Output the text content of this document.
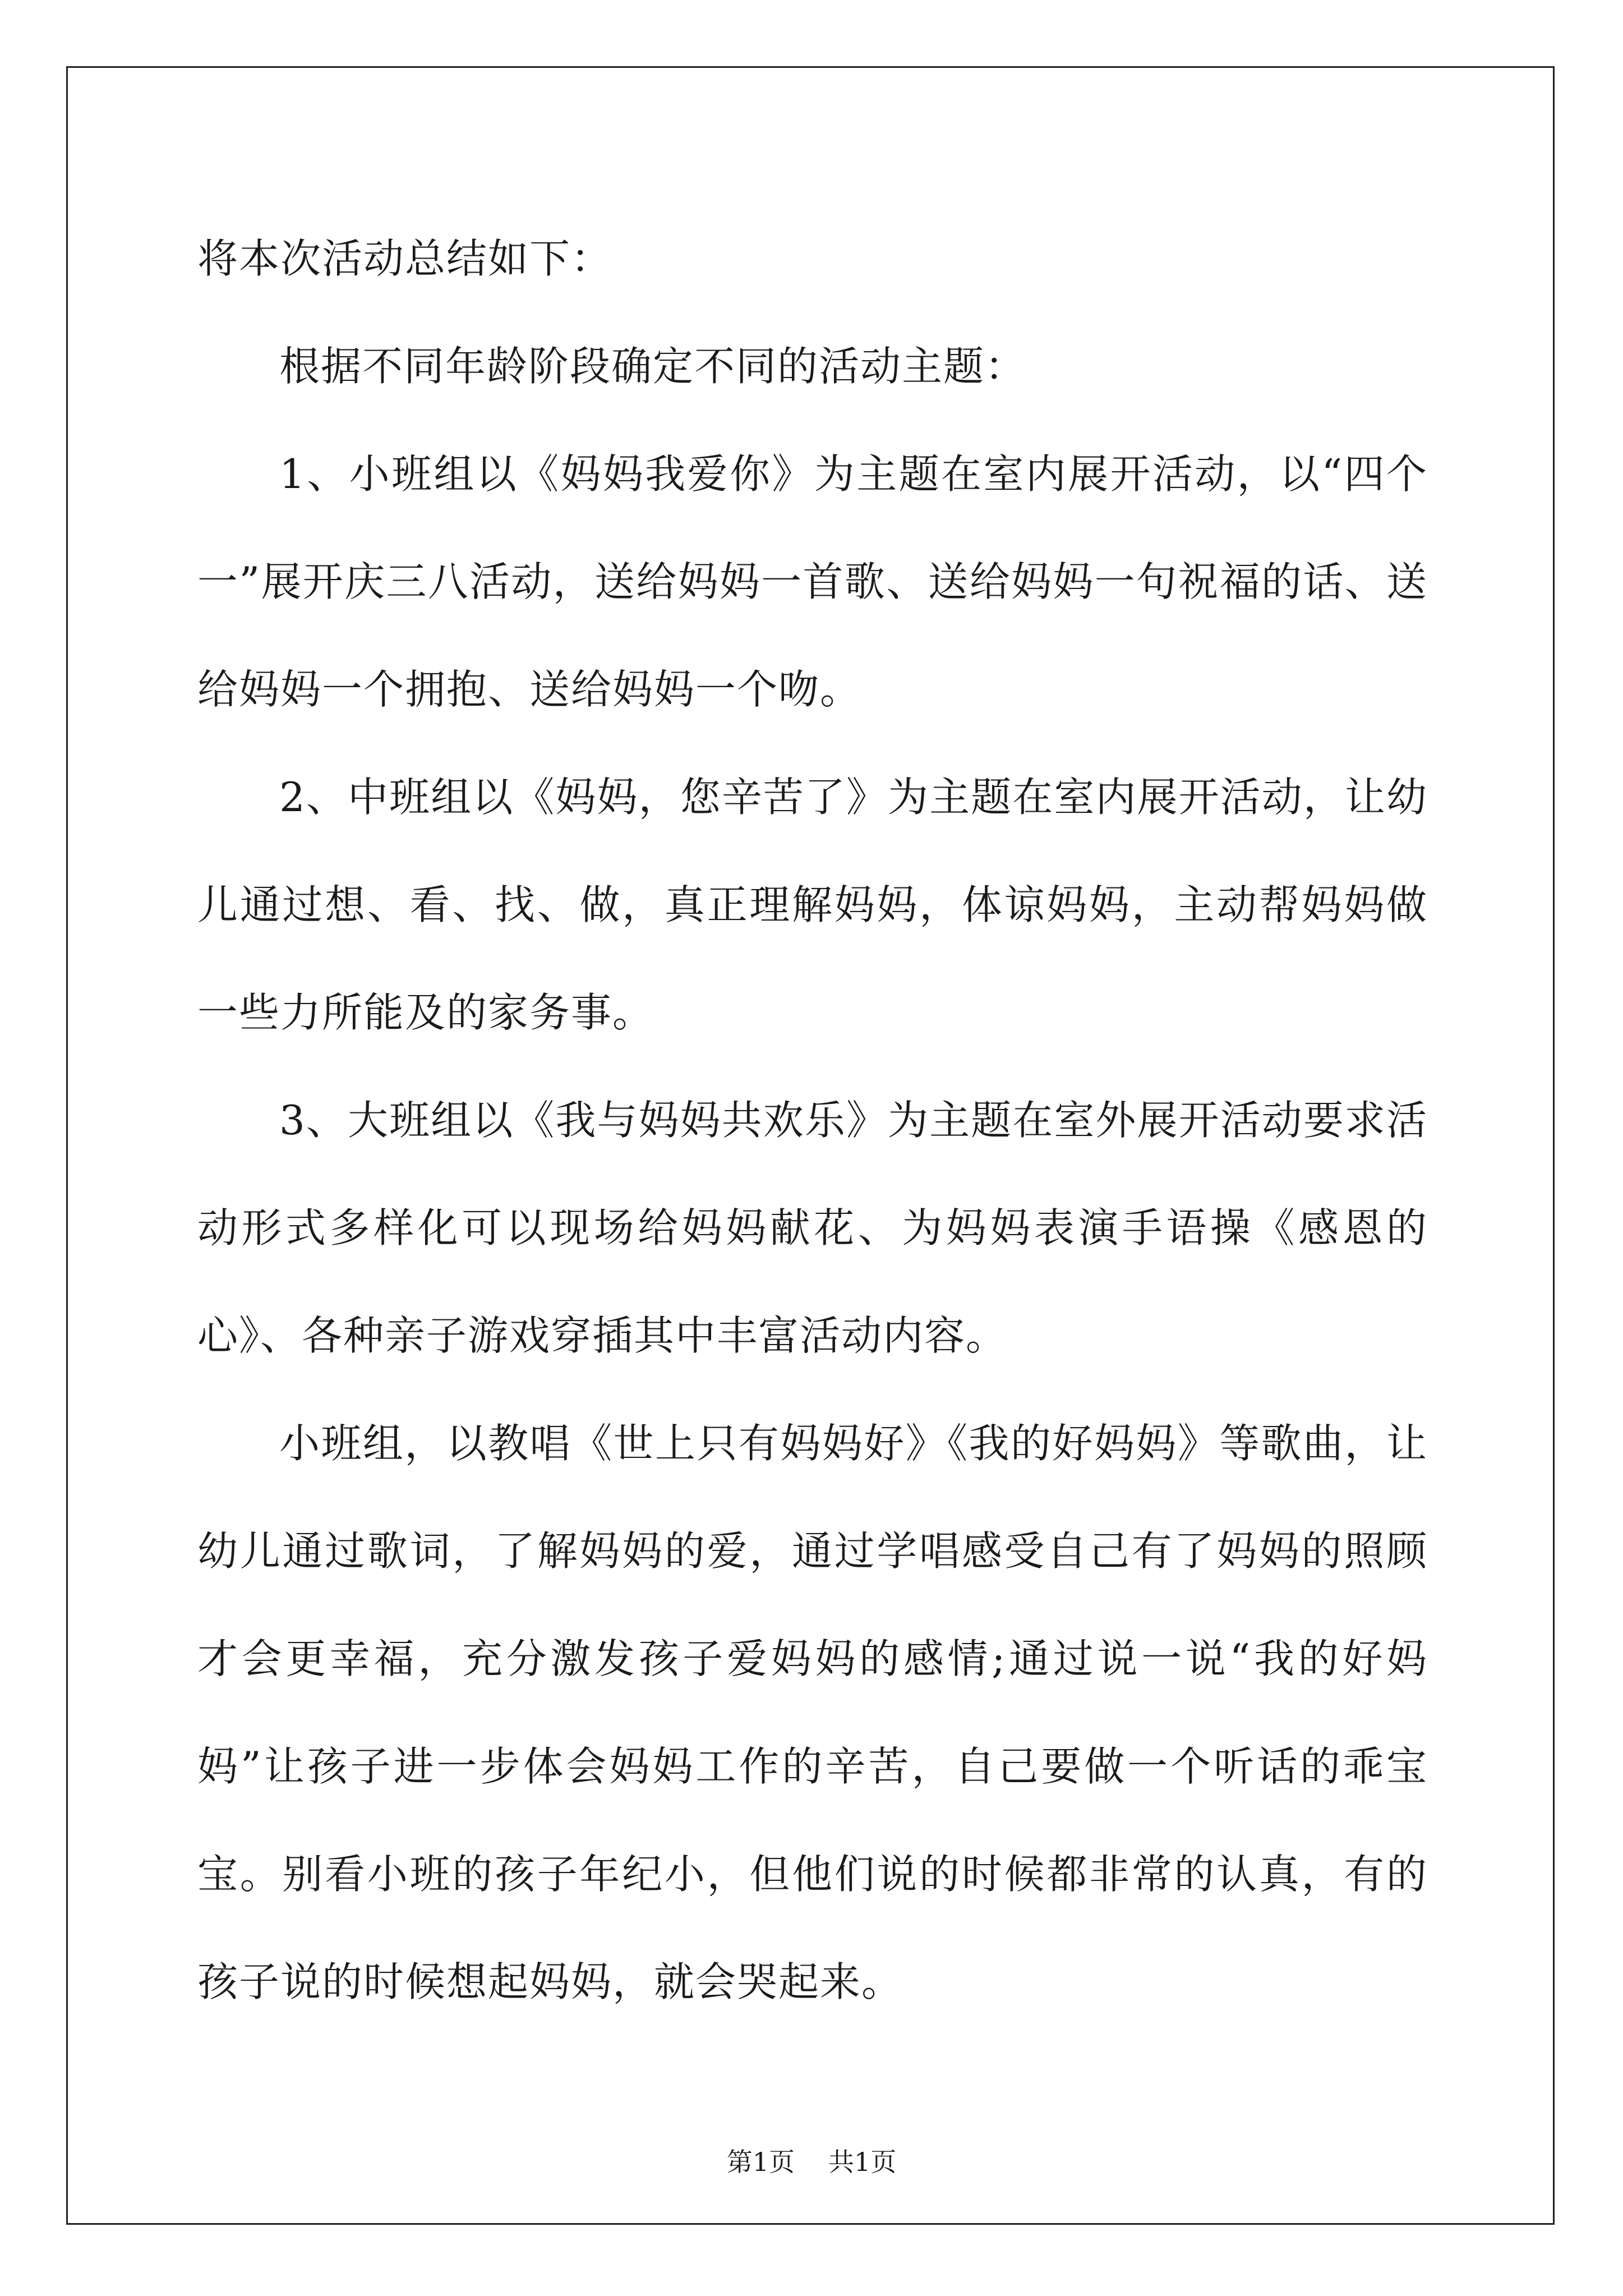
将本次活动总结如下：

根据不同年龄阶段确定不同的活动主题：

1、小班组以《妈妈我爱你》为主题在室内展开活动，以“四个一”展开庆三八活动，送给妈妈一首歌、送给妈妈一句祝福的话、送给妈妈一个拥抱、送给妈妈一个吻。

2、中班组以《妈妈，您辛苦了》为主题在室内展开活动，让幼儿通过想、看、找、做，真正理解妈妈，体谅妈妈，主动帮妈妈做一些力所能及的家务事。

3、大班组以《我与妈妈共欢乐》为主题在室外展开活动要求活动形式多样化可以现场给妈妈献花、为妈妈表演手语操《感恩的心》、各种亲子游戏穿插其中丰富活动内容。

小班组，以教唱《世上只有妈妈好》《我的好妈妈》等歌曲，让幼儿通过歌词，了解妈妈的爱，通过学唱感受自己有了妈妈的照顾才会更幸福，充分激发孩子爱妈妈的感情;通过说一说“我的好妈妈”让孩子进一步体会妈妈工作的辛苦，自己要做一个听话的乖宝宝。别看小班的孩子年纪小，但他们说的时候都非常的认真，有的孩子说的时候想起妈妈，就会哭起来。

第1页 共1页
